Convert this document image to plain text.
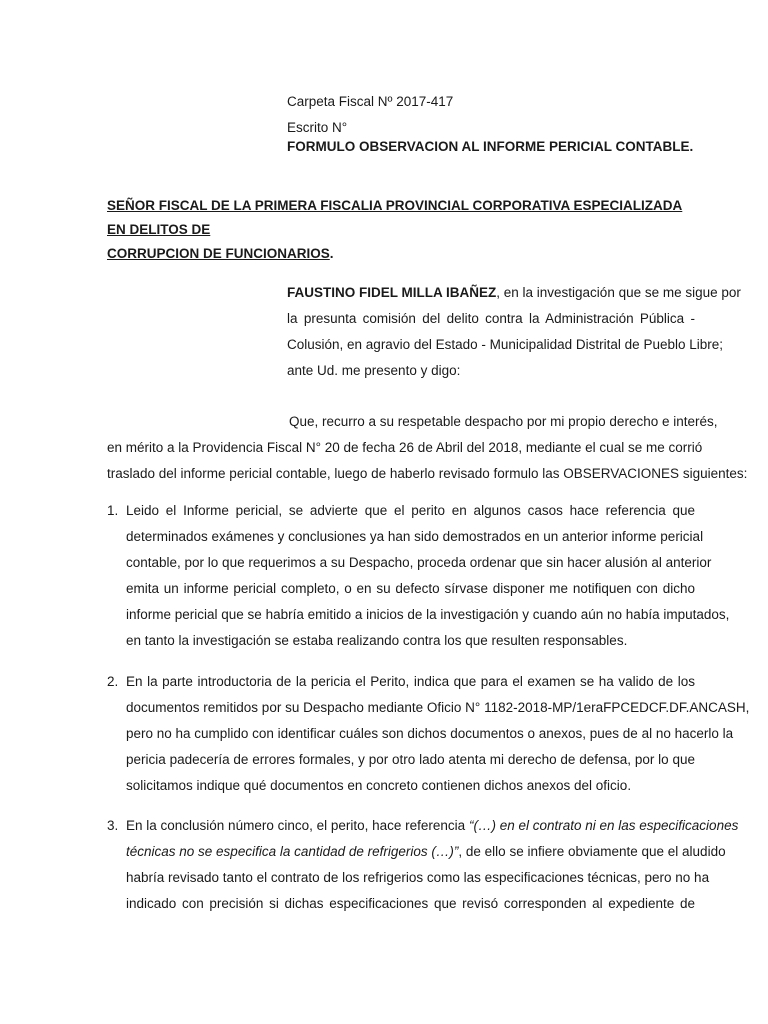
Carpeta Fiscal Nº 2017-417
Escrito N°
FORMULO OBSERVACION AL INFORME PERICIAL CONTABLE.
SEÑOR FISCAL DE LA PRIMERA FISCALIA PROVINCIAL CORPORATIVA ESPECIALIZADA EN DELITOS DE
CORRUPCION DE FUNCIONARIOS.
FAUSTINO FIDEL MILLA IBAÑEZ, en la investigación que se me sigue por
la presunta comisión del delito contra la Administración Pública -
Colusión, en agravio del Estado - Municipalidad Distrital de Pueblo Libre;
ante Ud. me presento y digo:
Que, recurro a su respetable despacho por mi propio derecho e interés,
en mérito a la Providencia Fiscal N° 20 de fecha 26 de Abril del 2018, mediante el cual se me corrió
traslado del informe pericial contable, luego de haberlo revisado formulo las OBSERVACIONES siguientes:
1. Leido el Informe pericial, se advierte que el perito en algunos casos hace referencia que
determinados exámenes y conclusiones ya han sido demostrados en un anterior informe pericial
contable, por lo que requerimos a su Despacho, proceda ordenar que sin hacer alusión al anterior
emita un informe pericial completo, o en su defecto sírvase disponer me notifiquen con dicho
informe pericial que se habría emitido a inicios de la investigación y cuando aún no había imputados,
en tanto la investigación se estaba realizando contra los que resulten responsables.
2. En la parte introductoria de la pericia el Perito, indica que para el examen se ha valido de los
documentos remitidos por su Despacho mediante Oficio N° 1182-2018-MP/1eraFPCEDCF.DF.ANCASH,
pero no ha cumplido con identificar cuáles son dichos documentos o anexos, pues de al no hacerlo la
pericia padecería de errores formales, y por otro lado atenta mi derecho de defensa, por lo que
solicitamos indique qué documentos en concreto contienen dichos anexos del oficio.
3. En la conclusión número cinco, el perito, hace referencia “(…) en el contrato ni en las especificaciones
técnicas no se especifica la cantidad de refrigerios (…)”, de ello se infiere obviamente que el aludido
habría revisado tanto el contrato de los refrigerios como las especificaciones técnicas, pero no ha
indicado con precisión si dichas especificaciones que revisó corresponden al expediente de
